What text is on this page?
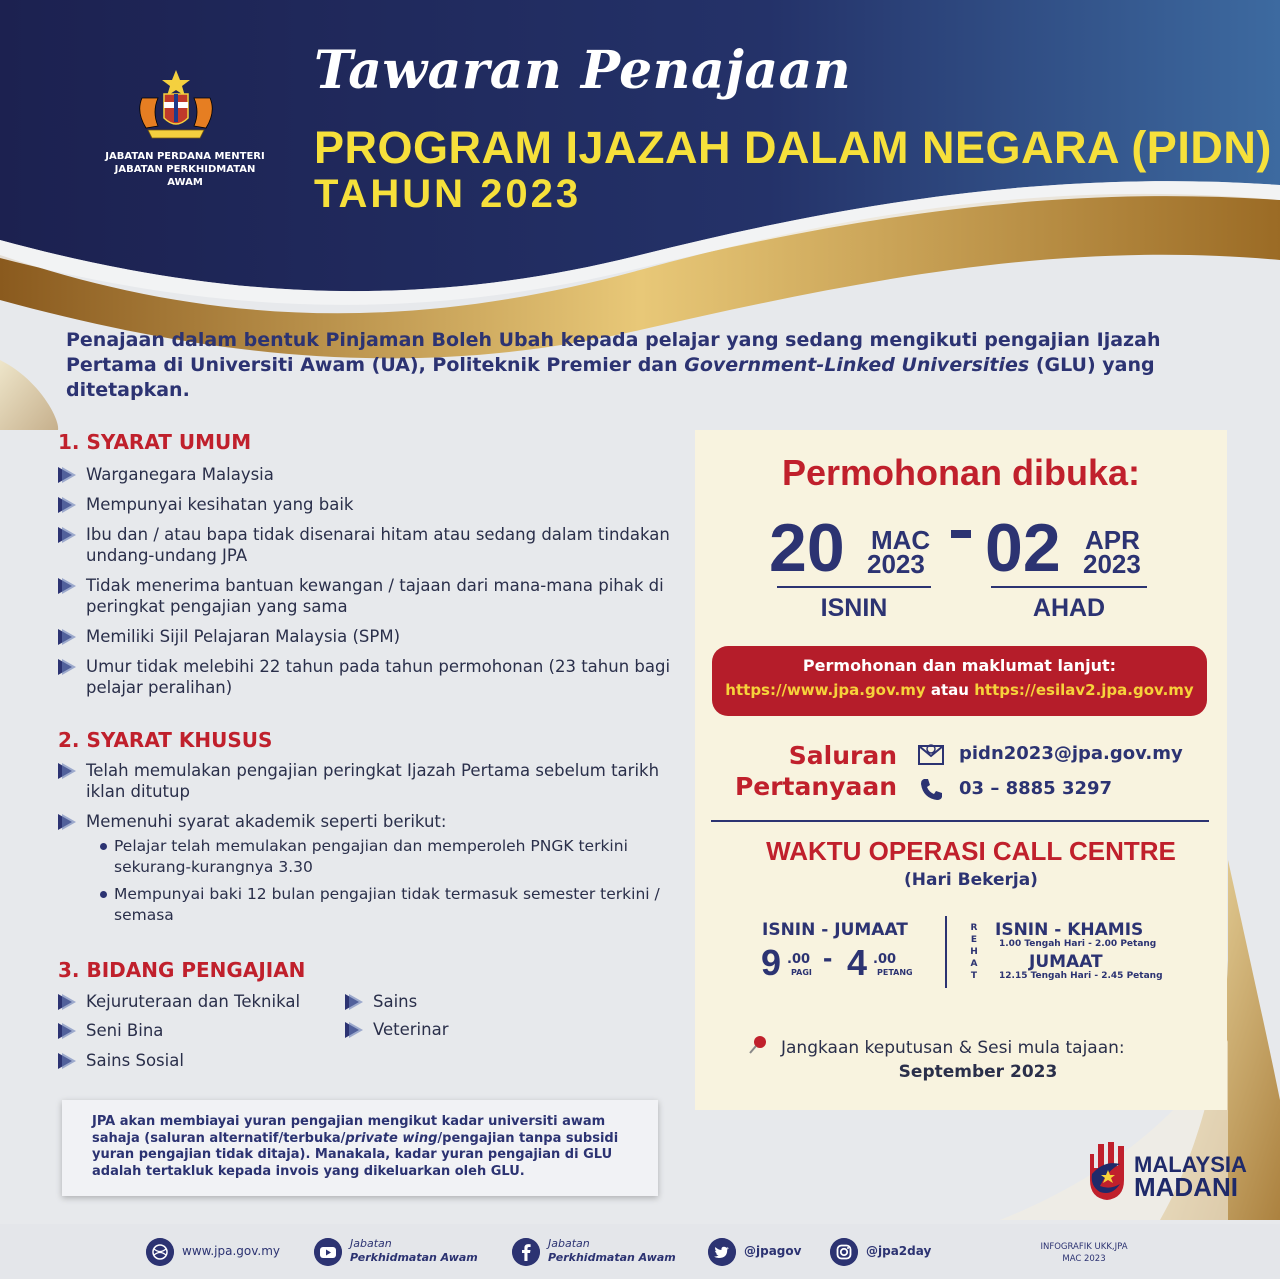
JABATAN PERDANA MENTERI
JABATAN PERKHIDMATAN AWAM
Tawaran Penajaan
PROGRAM IJAZAH DALAM NEGARA (PIDN)
TAHUN 2023
Penajaan dalam bentuk Pinjaman Boleh Ubah kepada pelajar yang sedang mengikuti pengajian Ijazah Pertama di Universiti Awam (UA), Politeknik Premier dan Government-Linked Universities (GLU) yang ditetapkan.
1. SYARAT UMUM
Warganegara Malaysia
Mempunyai kesihatan yang baik
Ibu dan / atau bapa tidak disenarai hitam atau sedang dalam tindakan undang-undang JPA
Tidak menerima bantuan kewangan / tajaan dari mana-mana pihak di peringkat pengajian yang sama
Memiliki Sijil Pelajaran Malaysia (SPM)
Umur tidak melebihi 22 tahun pada tahun permohonan (23 tahun bagi pelajar peralihan)
2. SYARAT KHUSUS
Telah memulakan pengajian peringkat Ijazah Pertama sebelum tarikh iklan ditutup
Memenuhi syarat akademik seperti berikut:
Pelajar telah memulakan pengajian dan memperoleh PNGK terkini sekurang-kurangnya 3.30
Mempunyai baki 12 bulan pengajian tidak termasuk semester terkini / semasa
3. BIDANG PENGAJIAN
Kejuruteraan dan Teknikal	Sains
Seni Bina	Veterinar
Sains Sosial
JPA akan membiayai yuran pengajian mengikut kadar universiti awam sahaja (saluran alternatif/terbuka/private wing/pengajian tanpa subsidi yuran pengajian tidak ditaja). Manakala, kadar yuran pengajian di GLU adalah tertakluk kepada invois yang dikeluarkan oleh GLU.
Permohonan dibuka:
20 MAC
2023
ISNIN
02 APR
2023
AHAD
Permohonan dan maklumat lanjut:
https://www.jpa.gov.my atau https://esilav2.jpa.gov.my
Saluran
Pertanyaan
pidn2023@jpa.gov.my
03 – 8885 3297
WAKTU OPERASI CALL CENTRE
(Hari Bekerja)
ISNIN - JUMAAT
9 .00
PAGI - 4 .00
PETANG
REHAT
ISNIN - KHAMIS
1.00 Tengah Hari - 2.00 Petang
JUMAAT
12.15 Tengah Hari - 2.45 Petang
Jangkaan keputusan & Sesi mula tajaan:
September 2023
MALAYSIA
MADANI
www.jpa.gov.my
Jabatan
Perkhidmatan Awam
Jabatan
Perkhidmatan Awam	@jpagov	@jpa2day	INFOGRAFIK UKK,JPA
MAC 2023
